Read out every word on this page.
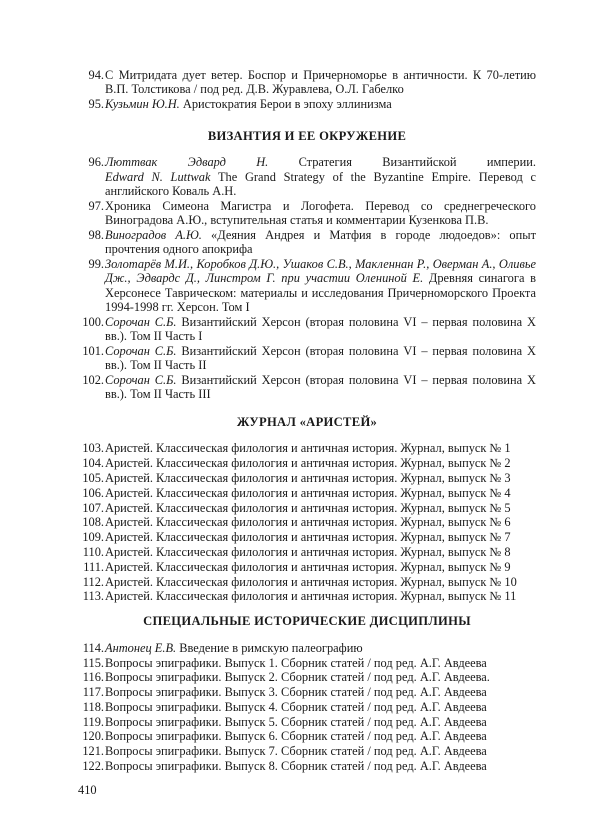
94. С Митридата дует ветер. Боспор и Причерноморье в античности. К 70-летию В.П. Толстикова / под ред. Д.В. Журавлева, О.Л. Габелко
95. Кузьмин Ю.Н. Аристократия Берои в эпоху эллинизма
ВИЗАНТИЯ И ЕЕ ОКРУЖЕНИЕ
96. Люттвак Эдвард Н. Стратегия Византийской империи.
Edward N. Luttwak The Grand Strategy of the Byzantine Empire. Перевод с английского Коваль А.Н.
97. Хроника Симеона Магистра и Логофета. Перевод со среднегреческого Виноградова А.Ю., вступительная статья и комментарии Кузенкова П.В.
98. Виноградов А.Ю. «Деяния Андрея и Матфия в городе людоедов»: опыт прочтения одного апокрифа
99. Золотарёв М.И., Коробков Д.Ю., Ушаков С.В., Макленнан Р., Оверман А., Оливье Дж., Эдвардс Д., Линстром Г. при участии Олениной Е. Древняя синагога в Херсонесе Таврическом: материалы и исследования Причерноморского Проекта 1994-1998 гг. Херсон. Том I
100. Сорочан С.Б. Византийский Херсон (вторая половина VI – первая половина X вв.). Том II Часть I
101. Сорочан С.Б. Византийский Херсон (вторая половина VI – первая половина X вв.). Том II Часть II
102. Сорочан С.Б. Византийский Херсон (вторая половина VI – первая половина X вв.). Том II Часть III
ЖУРНАЛ «АРИСТЕЙ»
103. Аристей. Классическая филология и античная история. Журнал, выпуск № 1
104. Аристей. Классическая филология и античная история. Журнал, выпуск № 2
105. Аристей. Классическая филология и античная история. Журнал, выпуск № 3
106. Аристей. Классическая филология и античная история. Журнал, выпуск № 4
107. Аристей. Классическая филология и античная история. Журнал, выпуск № 5
108. Аристей. Классическая филология и античная история. Журнал, выпуск № 6
109. Аристей. Классическая филология и античная история. Журнал, выпуск № 7
110. Аристей. Классическая филология и античная история. Журнал, выпуск № 8
111. Аристей. Классическая филология и античная история. Журнал, выпуск № 9
112. Аристей. Классическая филология и античная история. Журнал, выпуск № 10
113. Аристей. Классическая филология и античная история. Журнал, выпуск № 11
СПЕЦИАЛЬНЫЕ ИСТОРИЧЕСКИЕ ДИСЦИПЛИНЫ
114. Антонец Е.В. Введение в римскую палеографию
115. Вопросы эпиграфики. Выпуск 1. Сборник статей / под ред. А.Г. Авдеева
116. Вопросы эпиграфики. Выпуск 2. Сборник статей / под ред. А.Г. Авдеева.
117. Вопросы эпиграфики. Выпуск 3. Сборник статей / под ред. А.Г. Авдеева
118. Вопросы эпиграфики. Выпуск 4. Сборник статей / под ред. А.Г. Авдеева
119. Вопросы эпиграфики. Выпуск 5. Сборник статей / под ред. А.Г. Авдеева
120. Вопросы эпиграфики. Выпуск 6. Сборник статей / под ред. А.Г. Авдеева
121. Вопросы эпиграфики. Выпуск 7. Сборник статей / под ред. А.Г. Авдеева
122. Вопросы эпиграфики. Выпуск 8. Сборник статей / под ред. А.Г. Авдеева
410
